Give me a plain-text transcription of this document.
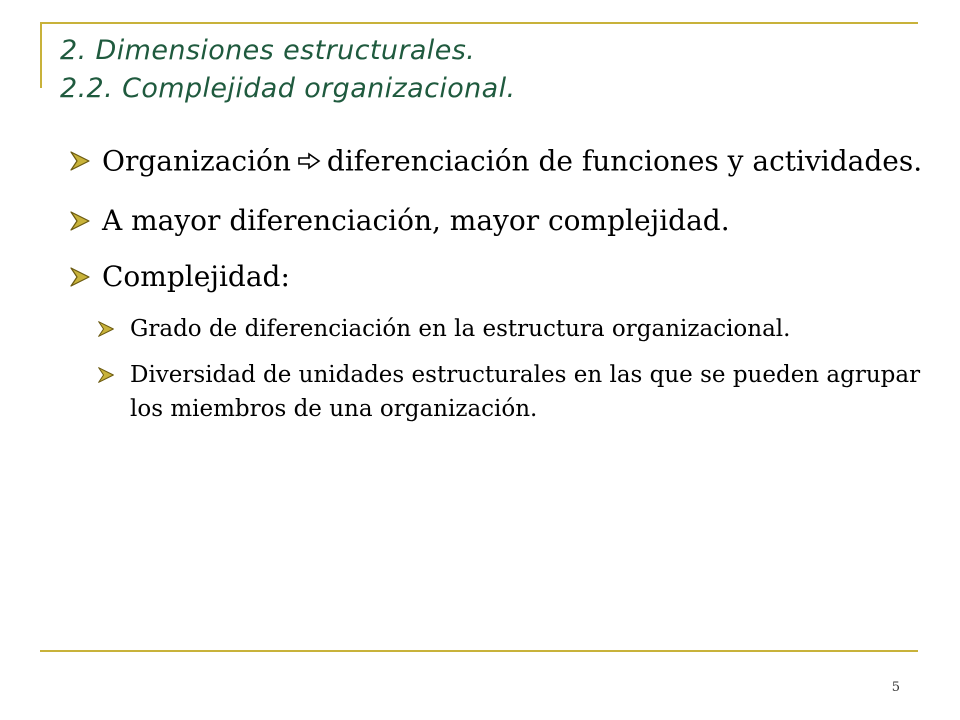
2. Dimensiones estructurales.
2.2. Complejidad organizacional.
Organización diferenciación de funciones y actividades.
A mayor diferenciación, mayor complejidad.
Complejidad:
Grado de diferenciación en la estructura organizacional.
Diversidad de unidades estructurales en las que se pueden agrupar los miembros de una organización.
5
